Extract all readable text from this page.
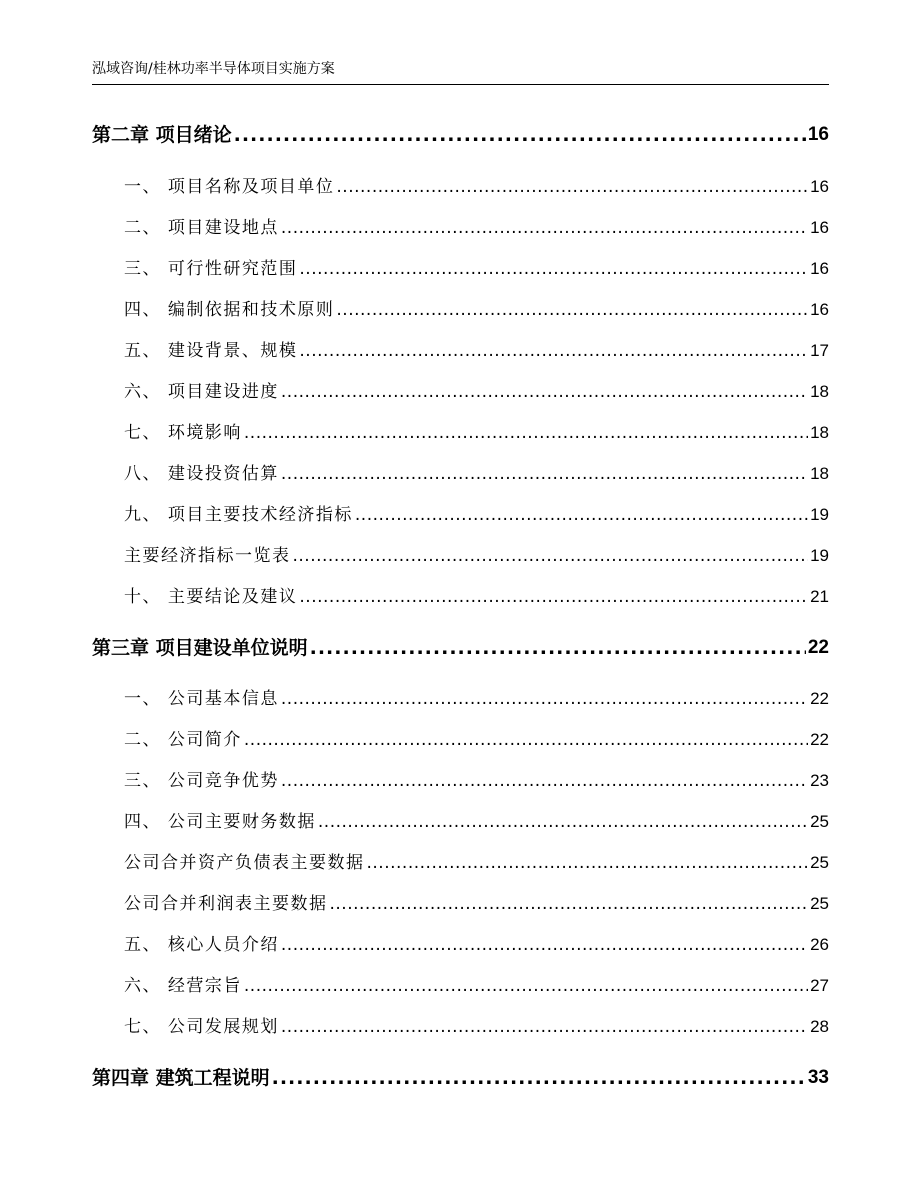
泓域咨询/桂林功率半导体项目实施方案
第二章 项目绪论 .....	16
一、 项目名称及项目单位 .....	16
二、 项目建设地点 .....	16
三、 可行性研究范围 .....	16
四、 编制依据和技术原则 .....	16
五、 建设背景、规模 .....	17
六、 项目建设进度 .....	18
七、 环境影响 .....	18
八、 建设投资估算 .....	18
九、 项目主要技术经济指标 .....	19
主要经济指标一览表 .....	19
十、 主要结论及建议 .....	21
第三章 项目建设单位说明 .....	22
一、 公司基本信息 .....	22
二、 公司简介 .....	22
三、 公司竞争优势 .....	23
四、 公司主要财务数据 .....	25
公司合并资产负债表主要数据 .....	25
公司合并利润表主要数据 .....	25
五、 核心人员介绍 .....	26
六、 经营宗旨 .....	27
七、 公司发展规划 .....	28
第四章 建筑工程说明 .....	33
